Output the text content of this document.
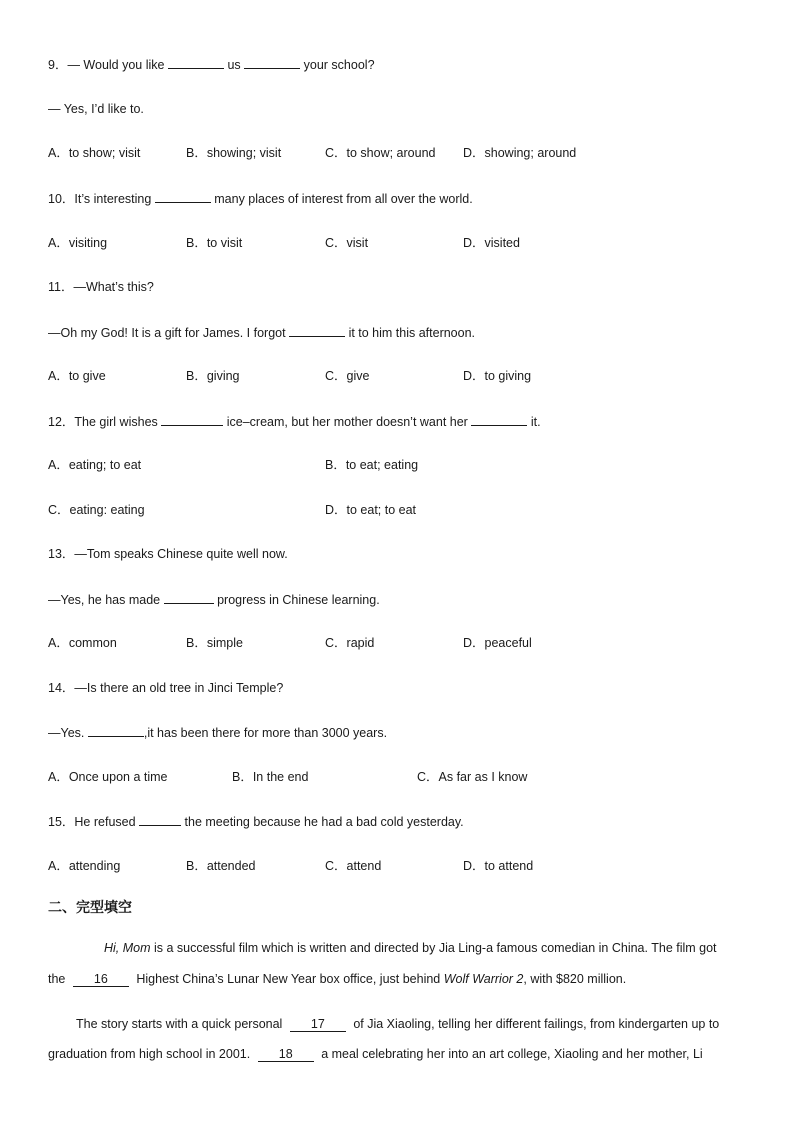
9．— Would you like	us	your school?
— Yes, I’d like to.
A．to show; visit	B．showing; visit	C．to show; around D．showing; around
10．It’s interesting	many places of interest from all over the world.
A．visiting	B．to visit	C．visit	D．visited
11．—What’s this?
—Oh my God! It is a gift for James. I forgot	it to him this afternoon.
A．to give	B．giving	C．give	D．to giving
12．The girl wishes	ice–cream, but her mother doesn’t want her	it.
A．eating; to eat	B．to eat; eating
C．eating: eating	D．to eat; to eat
13．—Tom speaks Chinese quite well now.
—Yes, he has made	progress in Chinese learning.
A．common	B．simple	C．rapid	D．peaceful
14．—Is there an old tree in Jinci Temple?
—Yes.	,it has been there for more than 3000 years.
A．Once upon a time	B．In the end	C．As far as I know
15．He refused	the meeting because he had a bad cold yesterday.
A．attending	B．attended	C．attend	D．to attend
二、完型填空
Hi, Mom is a successful film which is written and directed by Jia Ling-a famous comedian in China. The film got
the 16 Highest China’s Lunar New Year box office, just behind Wolf Warrior 2, with $820 million.
The story starts with a quick personal 17 of Jia Xiaoling, telling her different failings, from kindergarten up to
graduation from high school in 2001. 18 a meal celebrating her into an art college, Xiaoling and her mother, Li
